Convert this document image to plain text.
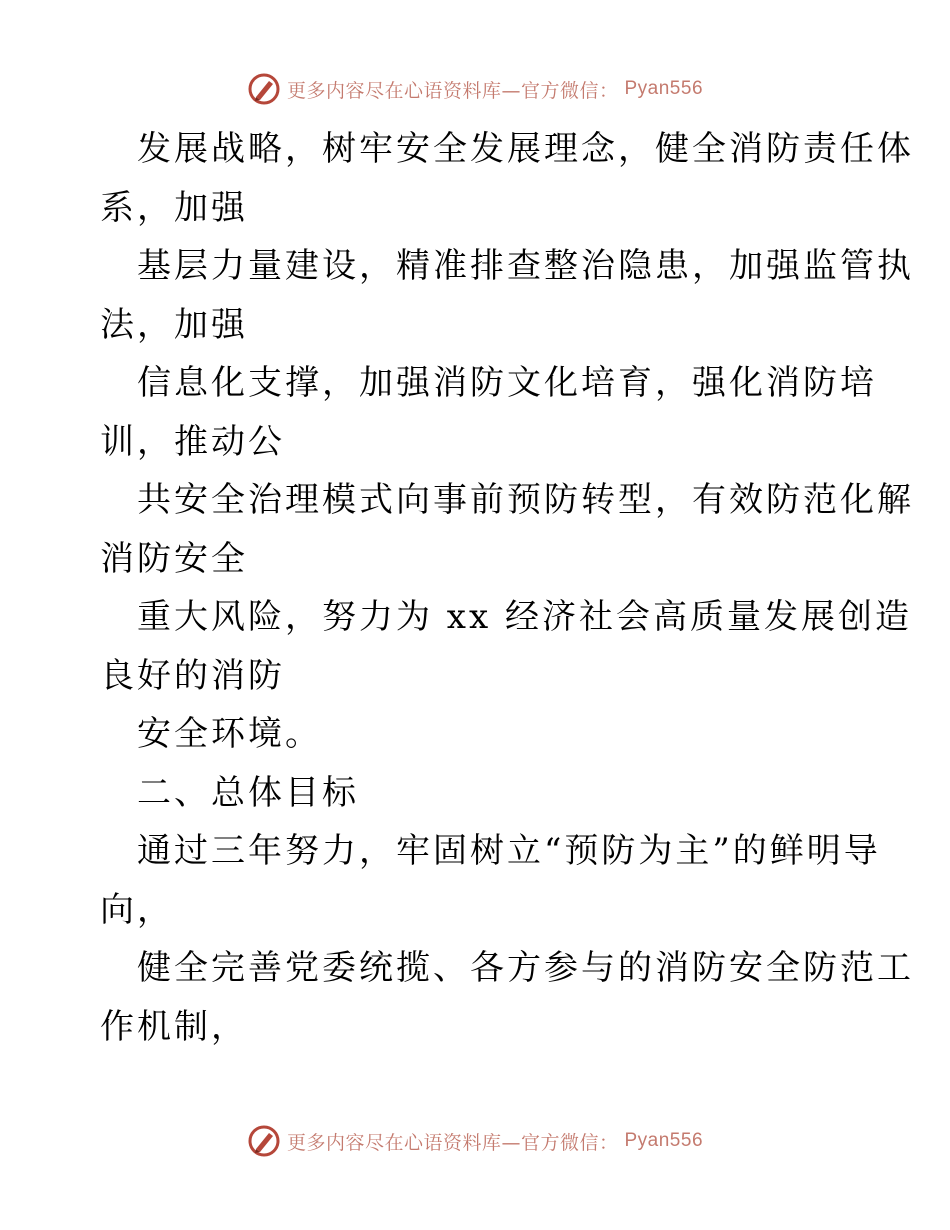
更多内容尽在心语资料库—官方微信： Pyan556

发展战略，树牢安全发展理念，健全消防责任体

系，加强

基层力量建设，精准排查整治隐患，加强监管执

法，加强

信息化支撑，加强消防文化培育，强化消防培

训，推动公

共安全治理模式向事前预防转型，有效防范化解

消防安全

重大风险，努力为 xx 经济社会高质量发展创造

良好的消防

安全环境。

二、总体目标

通过三年努力，牢固树立“预防为主”的鲜明导

向，

健全完善党委统揽、各方参与的消防安全防范工

作机制，

更多内容尽在心语资料库—官方微信： Pyan556
